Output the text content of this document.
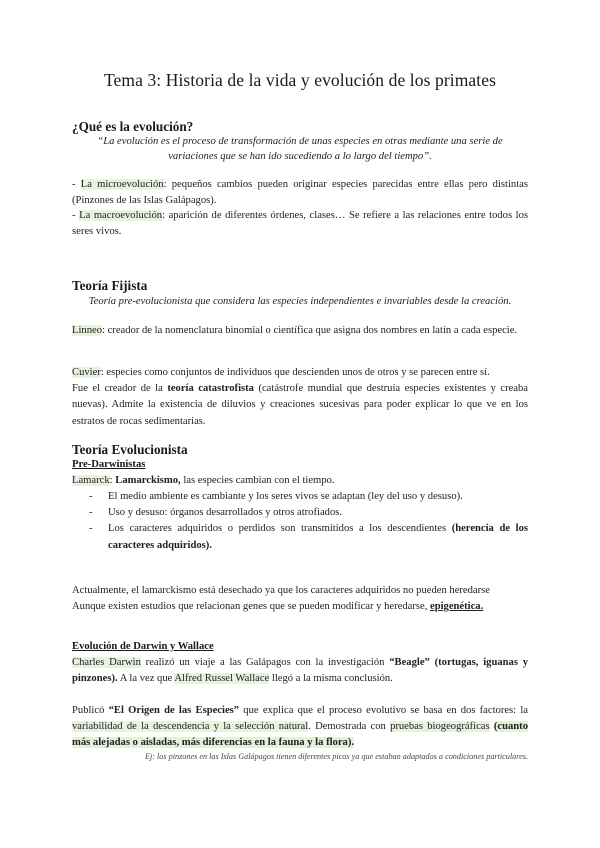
Tema 3: Historia de la vida y evolución de los primates
¿Qué es la evolución?
“La evolución es el proceso de transformación de unas especies en otras mediante una serie de
variaciones que se han ido sucediendo a lo largo del tiempo”.
- La microevolución: pequeños cambios pueden originar especies parecidas entre ellas pero distintas (Pinzones de las Islas Galápagos).
- La macroevolución: aparición de diferentes órdenes, clases… Se refiere a las relaciones entre todos los seres vivos.
Teoría Fijista
Teoría pre-evolucionista que considera las especies independientes e invariables desde la creación.
Linneo: creador de la nomenclatura binomial o científica que asigna dos nombres en latín a cada especie.
Cuvier: especies como conjuntos de individuos que descienden unos de otros y se parecen entre sí.
Fue el creador de la teoría catastrofista (catástrofe mundial que destruía especies existentes y creaba nuevas). Admite la existencia de diluvios y creaciones sucesivas para poder explicar lo que ve en los estratos de rocas sedimentarias.
Teoría Evolucionista
Pre-Darwinistas
Lamarck: Lamarckismo, las especies cambian con el tiempo.
- El medio ambiente es cambiante y los seres vivos se adaptan (ley del uso y desuso).
- Uso y desuso: órganos desarrollados y otros atrofiados.
- Los caracteres adquiridos o perdidos son transmitidos a los descendientes (herencia de los caracteres adquiridos).
Actualmente, el lamarckismo está desechado ya que los caracteres adquiridos no pueden heredarse
Aunque existen estudios que relacionan genes que se pueden modificar y heredarse, epigenética.
Evolución de Darwin y Wallace
Charles Darwin realizó un viaje a las Galápagos con la investigación “Beagle” (tortugas, iguanas y pinzones). A la vez que Alfred Russel Wallace llegó a la misma conclusión.
Publicó “El Origen de las Especies” que explica que el proceso evolutivo se basa en dos factores: la variabilidad de la descendencia y la selección natural. Demostrada con pruebas biogeográficas (cuanto más alejadas o aisladas, más diferencias en la fauna y la flora).
Ej: los pinzones en las Islas Galápagos tienen diferentes picos ya que estaban adaptados a condiciones particulares.
